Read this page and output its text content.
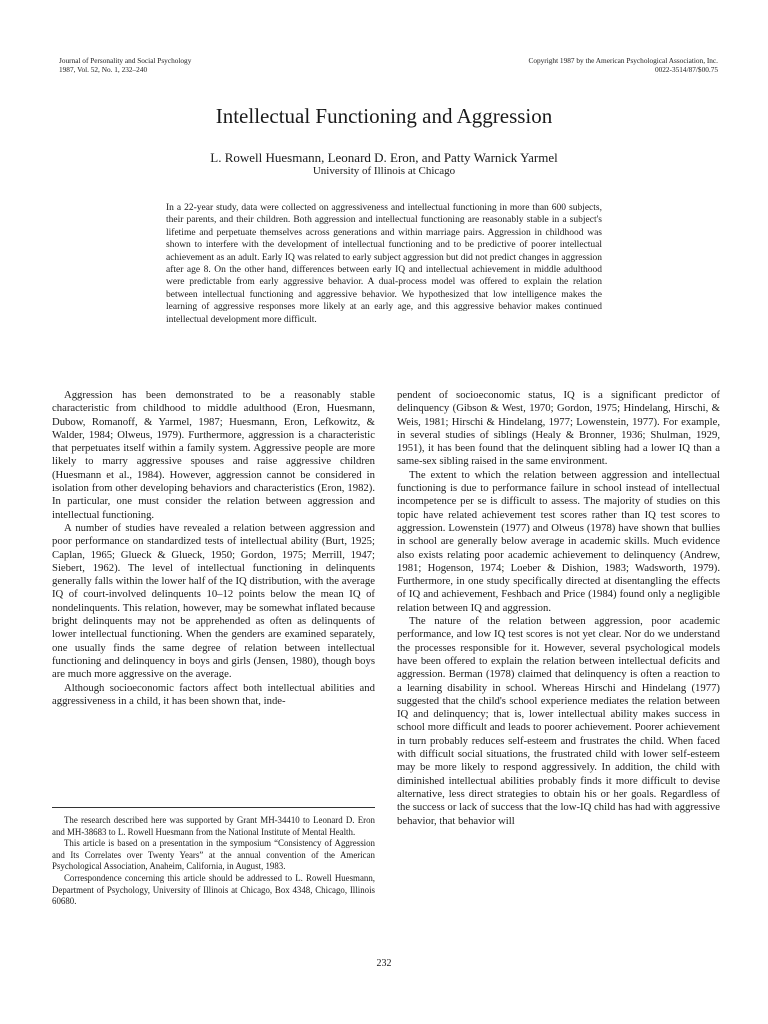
Journal of Personality and Social Psychology
1987, Vol. 52, No. 1, 232–240
Copyright 1987 by the American Psychological Association, Inc.
0022-3514/87/$00.75
Intellectual Functioning and Aggression
L. Rowell Huesmann, Leonard D. Eron, and Patty Warnick Yarmel
University of Illinois at Chicago

In a 22-year study, data were collected on aggressiveness and intellectual functioning in more than 600 subjects, their parents, and their children. Both aggression and intellectual functioning are reasonably stable in a subject's lifetime and perpetuate themselves across generations and within marriage pairs. Aggression in childhood was shown to interfere with the development of intellectual functioning and to be predictive of poorer intellectual achievement as an adult. Early IQ was related to early subject aggression but did not predict changes in aggression after age 8. On the other hand, differences between early IQ and intellectual achievement in middle adulthood were predictable from early aggressive behavior. A dual-process model was offered to explain the relation between intellectual functioning and aggressive behavior. We hypothesized that low intelligence makes the learning of aggressive responses more likely at an early age, and this aggressive behavior makes continued intellectual development more difficult.

Aggression has been demonstrated to be a reasonably stable characteristic from childhood to middle adulthood (Eron, Huesmann, Dubow, Romanoff, & Yarmel, 1987; Huesmann, Eron, Lefkowitz, & Walder, 1984; Olweus, 1979). Furthermore, aggression is a characteristic that perpetuates itself within a family system. Aggressive people are more likely to marry aggressive spouses and raise aggressive children (Huesmann et al., 1984). However, aggression cannot be considered in isolation from other developing behaviors and characteristics (Eron, 1982). In particular, one must consider the relation between aggression and intellectual functioning.

A number of studies have revealed a relation between aggression and poor performance on standardized tests of intellectual ability (Burt, 1925; Caplan, 1965; Glueck & Glueck, 1950; Gordon, 1975; Merrill, 1947; Siebert, 1962). The level of intellectual functioning in delinquents generally falls within the lower half of the IQ distribution, with the average IQ of court-involved delinquents 10–12 points below the mean IQ of nondelinquents. This relation, however, may be somewhat inflated because bright delinquents may not be apprehended as often as delinquents of lower intellectual functioning. When the genders are examined separately, one usually finds the same degree of relation between intellectual functioning and delinquency in boys and girls (Jensen, 1980), though boys are much more aggressive on the average.

Although socioeconomic factors affect both intellectual abilities and aggressiveness in a child, it has been shown that, inde-

The research described here was supported by Grant MH-34410 to Leonard D. Eron and MH-38683 to L. Rowell Huesmann from the National Institute of Mental Health.

This article is based on a presentation in the symposium “Consistency of Aggression and Its Correlates over Twenty Years” at the annual convention of the American Psychological Association, Anaheim, California, in August, 1983.

Correspondence concerning this article should be addressed to L. Rowell Huesmann, Department of Psychology, University of Illinois at Chicago, Box 4348, Chicago, Illinois 60680.

pendent of socioeconomic status, IQ is a significant predictor of delinquency (Gibson & West, 1970; Gordon, 1975; Hindelang, Hirschi, & Weis, 1981; Hirschi & Hindelang, 1977; Lowenstein, 1977). For example, in several studies of siblings (Healy & Bronner, 1936; Shulman, 1929, 1951), it has been found that the delinquent sibling had a lower IQ than a same-sex sibling raised in the same environment.

The extent to which the relation between aggression and intellectual functioning is due to performance failure in school instead of intellectual incompetence per se is difficult to assess. The majority of studies on this topic have related achievement test scores rather than IQ test scores to aggression. Lowenstein (1977) and Olweus (1978) have shown that bullies in school are generally below average in academic skills. Much evidence also exists relating poor academic achievement to delinquency (Andrew, 1981; Hogenson, 1974; Loeber & Dishion, 1983; Wadsworth, 1979). Furthermore, in one study specifically directed at disentangling the effects of IQ and achievement, Feshbach and Price (1984) found only a negligible relation between IQ and aggression.

The nature of the relation between aggression, poor academic performance, and low IQ test scores is not yet clear. Nor do we understand the processes responsible for it. However, several psychological models have been offered to explain the relation between intellectual deficits and aggression. Berman (1978) claimed that delinquency is often a reaction to a learning disability in school. Whereas Hirschi and Hindelang (1977) suggested that the child's school experience mediates the relation between IQ and delinquency; that is, lower intellectual ability makes success in school more difficult and leads to poorer achievement. Poorer achievement in turn probably reduces self-esteem and frustrates the child. When faced with difficult social situations, the frustrated child with lower self-esteem may be more likely to respond aggressively. In addition, the child with diminished intellectual abilities probably finds it more difficult to devise alternative, less direct strategies to obtain his or her goals. Regardless of the success or lack of success that the low-IQ child has had with aggressive behavior, that behavior will

232
